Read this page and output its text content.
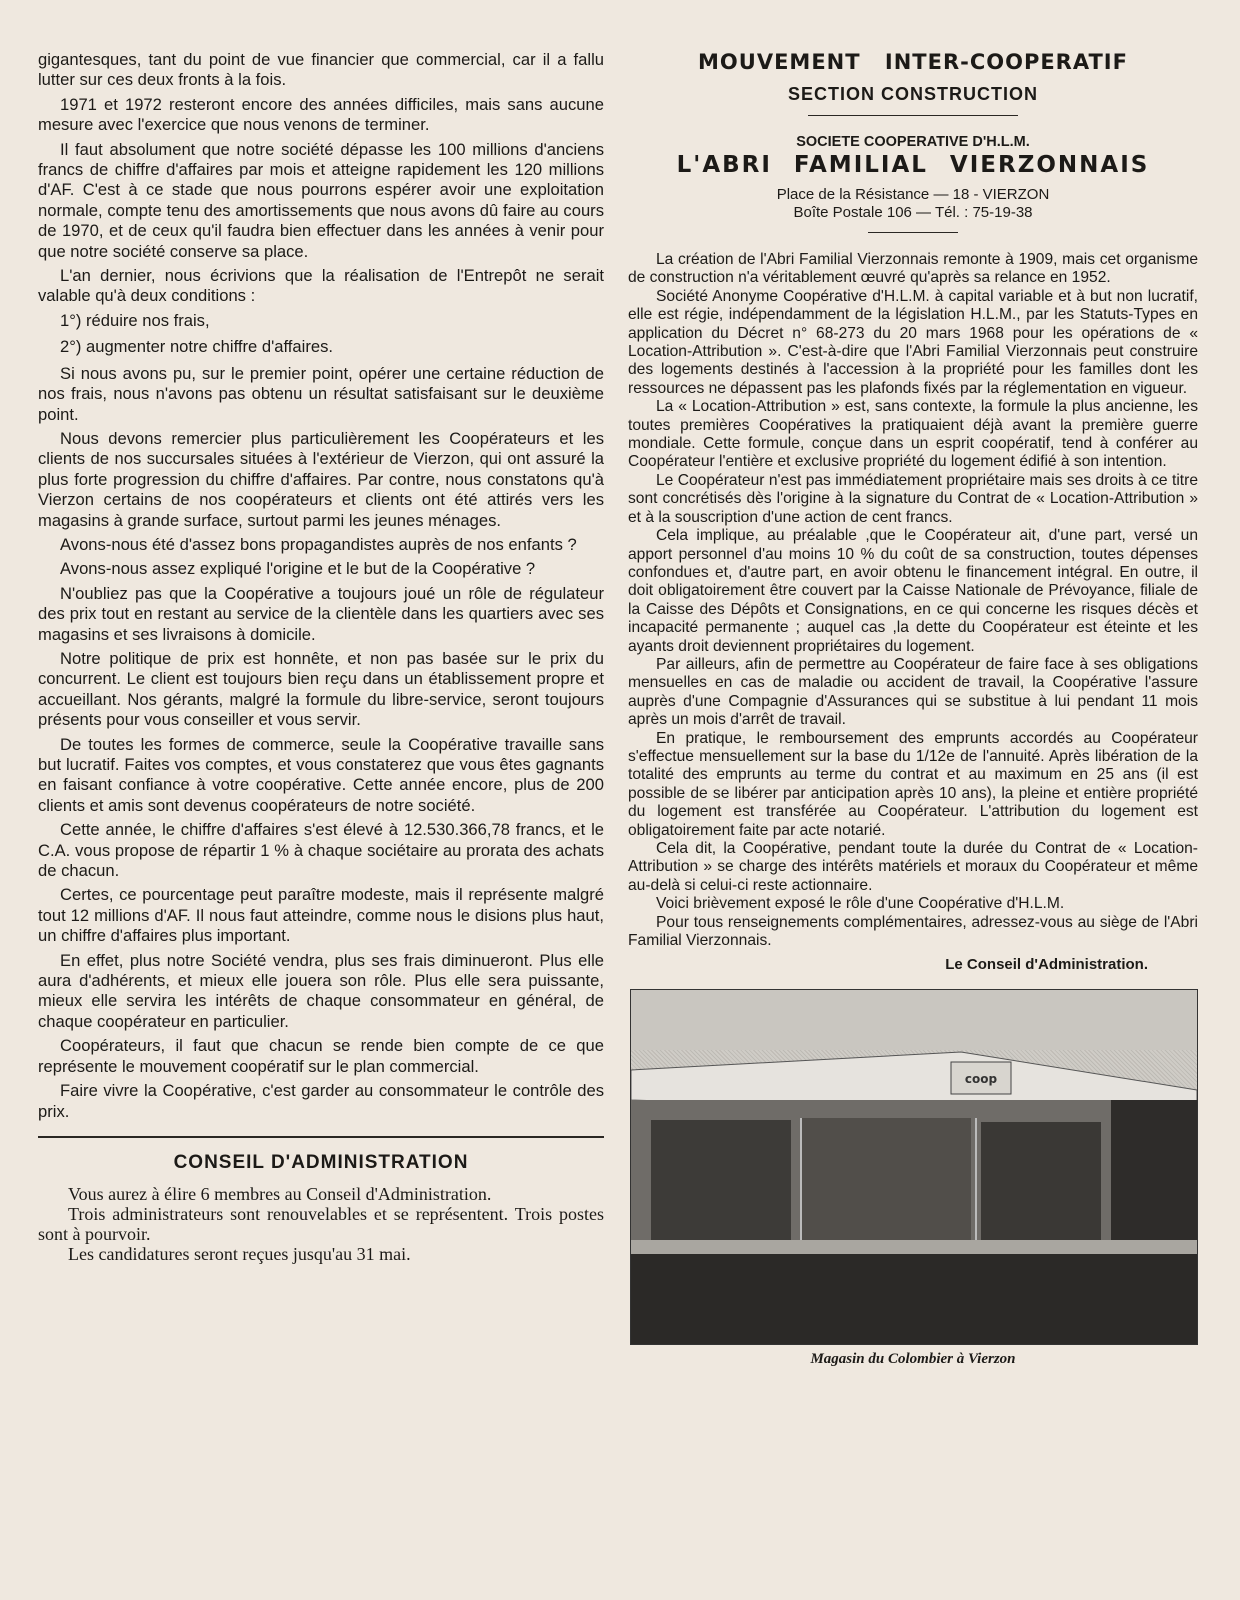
gigantesques, tant du point de vue financier que commercial, car il a fallu lutter sur ces deux fronts à la fois.

1971 et 1972 resteront encore des années difficiles, mais sans aucune mesure avec l'exercice que nous venons de terminer.

Il faut absolument que notre société dépasse les 100 millions d'anciens francs de chiffre d'affaires par mois et atteigne rapidement les 120 millions d'AF. C'est à ce stade que nous pourrons espérer avoir une exploitation normale, compte tenu des amortissements que nous avons dû faire au cours de 1970, et de ceux qu'il faudra bien effectuer dans les années à venir pour que notre société conserve sa place.

L'an dernier, nous écrivions que la réalisation de l'Entrepôt ne serait valable qu'à deux conditions :

1°) réduire nos frais,
2°) augmenter notre chiffre d'affaires.

Si nous avons pu, sur le premier point, opérer une certaine réduction de nos frais, nous n'avons pas obtenu un résultat satisfaisant sur le deuxième point.

Nous devons remercier plus particulièrement les Coopérateurs et les clients de nos succursales situées à l'extérieur de Vierzon, qui ont assuré la plus forte progression du chiffre d'affaires. Par contre, nous constatons qu'à Vierzon certains de nos coopérateurs et clients ont été attirés vers les magasins à grande surface, surtout parmi les jeunes ménages.

Avons-nous été d'assez bons propagandistes auprès de nos enfants ?

Avons-nous assez expliqué l'origine et le but de la Coopérative ?

N'oubliez pas que la Coopérative a toujours joué un rôle de régulateur des prix tout en restant au service de la clientèle dans les quartiers avec ses magasins et ses livraisons à domicile.

Notre politique de prix est honnête, et non pas basée sur le prix du concurrent. Le client est toujours bien reçu dans un établissement propre et accueillant. Nos gérants, malgré la formule du libre-service, seront toujours présents pour vous conseiller et vous servir.

De toutes les formes de commerce, seule la Coopérative travaille sans but lucratif. Faites vos comptes, et vous constaterez que vous êtes gagnants en faisant confiance à votre coopérative. Cette année encore, plus de 200 clients et amis sont devenus coopérateurs de notre société.

Cette année, le chiffre d'affaires s'est élevé à 12.530.366,78 francs, et le C.A. vous propose de répartir 1 % à chaque sociétaire au prorata des achats de chacun.

Certes, ce pourcentage peut paraître modeste, mais il représente malgré tout 12 millions d'AF. Il nous faut atteindre, comme nous le disions plus haut, un chiffre d'affaires plus important.

En effet, plus notre Société vendra, plus ses frais diminueront. Plus elle aura d'adhérents, et mieux elle jouera son rôle. Plus elle sera puissante, mieux elle servira les intérêts de chaque consommateur en général, de chaque coopérateur en particulier.

Coopérateurs, il faut que chacun se rende bien compte de ce que représente le mouvement coopératif sur le plan commercial.

Faire vivre la Coopérative, c'est garder au consommateur le contrôle des prix.

CONSEIL D'ADMINISTRATION

Vous aurez à élire 6 membres au Conseil d'Administration.

Trois administrateurs sont renouvelables et se représentent. Trois postes sont à pourvoir.

Les candidatures seront reçues jusqu'au 31 mai.

MOUVEMENT INTER-COOPERATIF
SECTION CONSTRUCTION
SOCIETE COOPERATIVE D'H.L.M.
L'ABRI FAMILIAL VIERZONNAIS
Place de la Résistance — 18 - VIERZON
Boîte Postale 106 — Tél. : 75-19-38

La création de l'Abri Familial Vierzonnais remonte à 1909, mais cet organisme de construction n'a véritablement œuvré qu'après sa relance en 1952.

Société Anonyme Coopérative d'H.L.M. à capital variable et à but non lucratif, elle est régie, indépendamment de la législation H.L.M., par les Statuts-Types en application du Décret n° 68-273 du 20 mars 1968 pour les opérations de « Location-Attribution ». C'est-à-dire que l'Abri Familial Vierzonnais peut construire des logements destinés à l'accession à la propriété pour les familles dont les ressources ne dépassent pas les plafonds fixés par la réglementation en vigueur.

La « Location-Attribution » est, sans contexte, la formule la plus ancienne, les toutes premières Coopératives la pratiquaient déjà avant la première guerre mondiale. Cette formule, conçue dans un esprit coopératif, tend à conférer au Coopérateur l'entière et exclusive propriété du logement édifié à son intention.

Le Coopérateur n'est pas immédiatement propriétaire mais ses droits à ce titre sont concrétisés dès l'origine à la signature du Contrat de « Location-Attribution » et à la souscription d'une action de cent francs.

Cela implique, au préalable ,que le Coopérateur ait, d'une part, versé un apport personnel d'au moins 10 % du coût de sa construction, toutes dépenses confondues et, d'autre part, en avoir obtenu le financement intégral. En outre, il doit obligatoirement être couvert par la Caisse Nationale de Prévoyance, filiale de la Caisse des Dépôts et Consignations, en ce qui concerne les risques décès et incapacité permanente ; auquel cas ,la dette du Coopérateur est éteinte et les ayants droit deviennent propriétaires du logement.

Par ailleurs, afin de permettre au Coopérateur de faire face à ses obligations mensuelles en cas de maladie ou accident de travail, la Coopérative l'assure auprès d'une Compagnie d'Assurances qui se substitue à lui pendant 11 mois après un mois d'arrêt de travail.

En pratique, le remboursement des emprunts accordés au Coopérateur s'effectue mensuellement sur la base du 1/12e de l'annuité. Après libération de la totalité des emprunts au terme du contrat et au maximum en 25 ans (il est possible de se libérer par anticipation après 10 ans), la pleine et entière propriété du logement est transférée au Coopérateur. L'attribution du logement est obligatoirement faite par acte notarié.

Cela dit, la Coopérative, pendant toute la durée du Contrat de « Location-Attribution » se charge des intérêts matériels et moraux du Coopérateur et même au-delà si celui-ci reste actionnaire.

Voici brièvement exposé le rôle d'une Coopérative d'H.L.M.

Pour tous renseignements complémentaires, adressez-vous au siège de l'Abri Familial Vierzonnais.

Le Conseil d'Administration.
coop
Magasin du Colombier à Vierzon
